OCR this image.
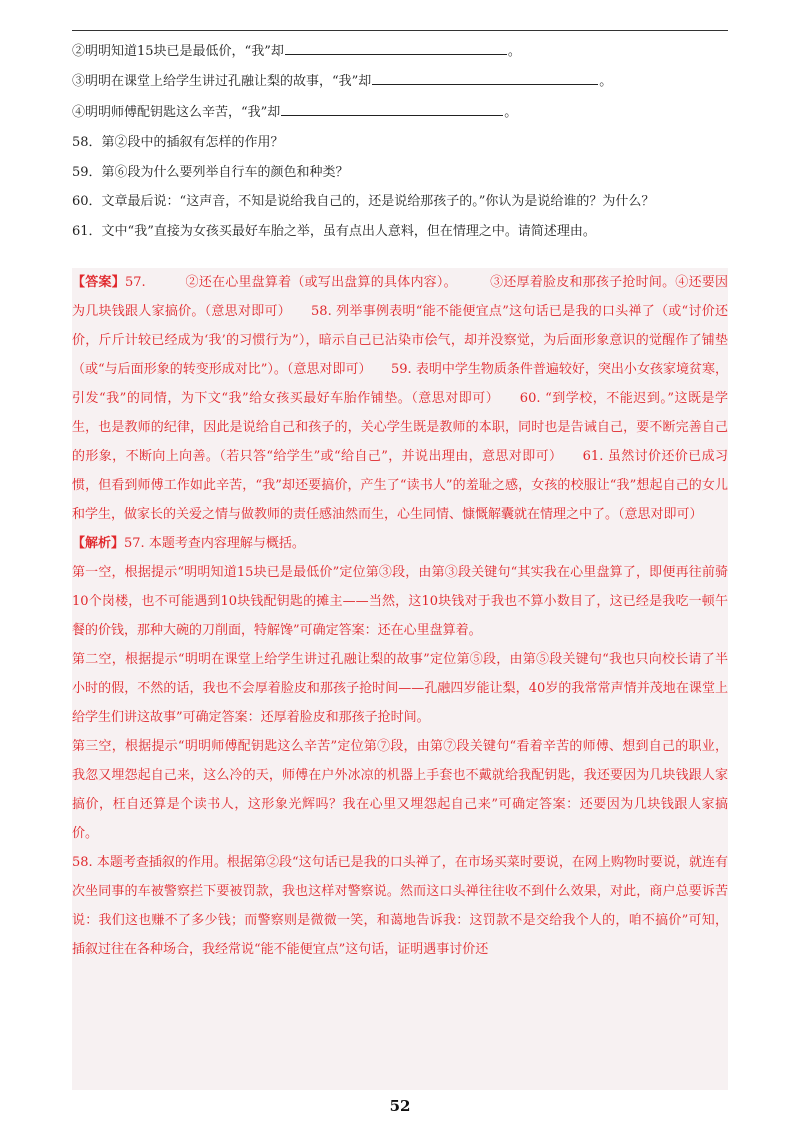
②明明知道15块已是最低价，“我”却	。
③明明在课堂上给学生讲过孔融让梨的故事，“我”却	。
④明明师傅配钥匙这么辛苦，“我”却	。
58．第②段中的插叙有怎样的作用？
59．第⑥段为什么要列举自行车的颜色和种类？
60．文章最后说：“这声音，不知是说给我自己的，还是说给那孩子的。”你认为是说给谁的？为什么？
61．文中“我”直接为女孩买最好车胎之举，虽有点出人意料，但在情理之中。请简述理由。

【答案】57.　　　②还在心里盘算着（或写出盘算的具体内容）。　　　③还厚着脸皮和那孩子抢时间。④还要因为几块钱跟人家搞价。（意思对即可）　　58. 列举事例表明“能不能便宜点”这句话已是我的口头禅了（或“讨价还价，斤斤计较已经成为‘我’的习惯行为”），暗示自己已沾染市侩气，却并没察觉，为后面形象意识的觉醒作了铺垫（或“与后面形象的转变形成对比”）。（意思对即可）　　59. 表明中学生物质条件普遍较好，突出小女孩家境贫寒，引发“我”的同情，为下文“我”给女孩买最好车胎作铺垫。（意思对即可）　　60. “到学校，不能迟到。”这既是学生，也是教师的纪律，因此是说给自己和孩子的，关心学生既是教师的本职，同时也是告诫自己，要不断完善自己的形象，不断向上向善。（若只答“给学生”或“给自己”，并说出理由，意思对即可）　　61. 虽然讨价还价已成习惯，但看到师傅工作如此辛苦，“我”却还要搞价，产生了“读书人”的羞耻之感，女孩的校服让“我”想起自己的女儿和学生，做家长的关爱之情与做教师的责任感油然而生，心生同情、慷慨解囊就在情理之中了。（意思对即可）

【解析】57. 本题考查内容理解与概括。

第一空，根据提示“明明知道15块已是最低价”定位第③段，由第③段关键句“其实我在心里盘算了，即便再往前骑10个岗楼，也不可能遇到10块钱配钥匙的摊主——当然，这10块钱对于我也不算小数目了，这已经是我吃一顿午餐的价钱，那种大碗的刀削面，特解馋”可确定答案：还在心里盘算着。

第二空，根据提示“明明在课堂上给学生讲过孔融让梨的故事”定位第⑤段，由第⑤段关键句“我也只向校长请了半小时的假，不然的话，我也不会厚着脸皮和那孩子抢时间——孔融四岁能让梨，40岁的我常常声情并茂地在课堂上给学生们讲这故事”可确定答案：还厚着脸皮和那孩子抢时间。

第三空，根据提示“明明师傅配钥匙这么辛苦”定位第⑦段，由第⑦段关键句“看着辛苦的师傅、想到自己的职业，我忽又埋怨起自己来，这么冷的天，师傅在户外冰凉的机器上手套也不戴就给我配钥匙，我还要因为几块钱跟人家搞价，枉自还算是个读书人，这形象光辉吗？我在心里又埋怨起自己来”可确定答案：还要因为几块钱跟人家搞价。

58. 本题考查插叙的作用。根据第②段“这句话已是我的口头禅了，在市场买菜时要说，在网上购物时要说，就连有次坐同事的车被警察拦下要被罚款，我也这样对警察说。然而这口头禅往往收不到什么效果，对此，商户总要诉苦说：我们这也赚不了多少钱；而警察则是微微一笑，和蔼地告诉我：这罚款不是交给我个人的，咱不搞价”可知，插叙过往在各种场合，我经常说“能不能便宜点”这句话，证明遇事讨价还

52
